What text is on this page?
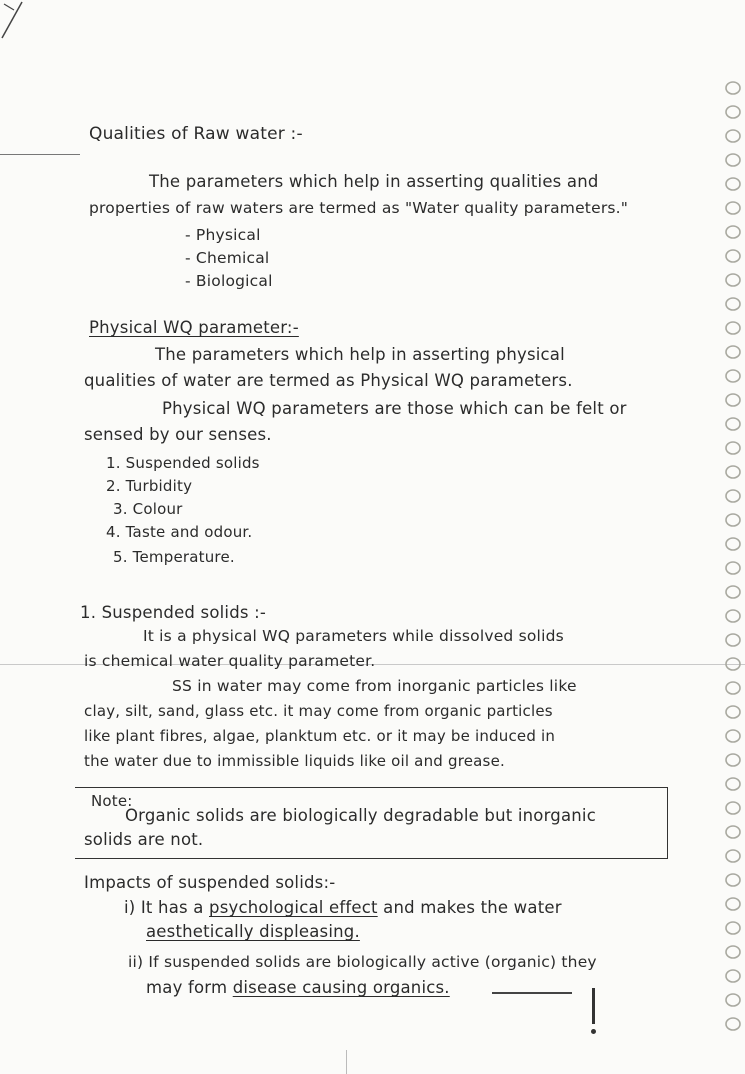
Qualities of Raw water :-
The parameters which help in asserting qualities and
properties of raw waters are termed as "Water quality parameters."
- Physical
- Chemical
- Biological
Physical WQ parameter:-
The parameters which help in asserting physical
qualities of water are termed as Physical WQ parameters.
Physical WQ parameters are those which can be felt or
sensed by our senses.
1. Suspended solids
2. Turbidity
3. Colour
4. Taste and odour.
5. Temperature.
1. Suspended solids :-
It is a physical WQ parameters while dissolved solids
is chemical water quality parameter.
SS in water may come from inorganic particles like
clay, silt, sand, glass etc. it may come from organic particles
like plant fibres, algae, planktum etc. or it may be induced in
the water due to immissible liquids like oil and grease.
Note:
Organic solids are biologically degradable but inorganic
solids are not.
Impacts of suspended solids:-
i) It has a psychological effect and makes the water
aesthetically displeasing.
ii) If suspended solids are biologically active (organic) they
may form disease causing organics.
